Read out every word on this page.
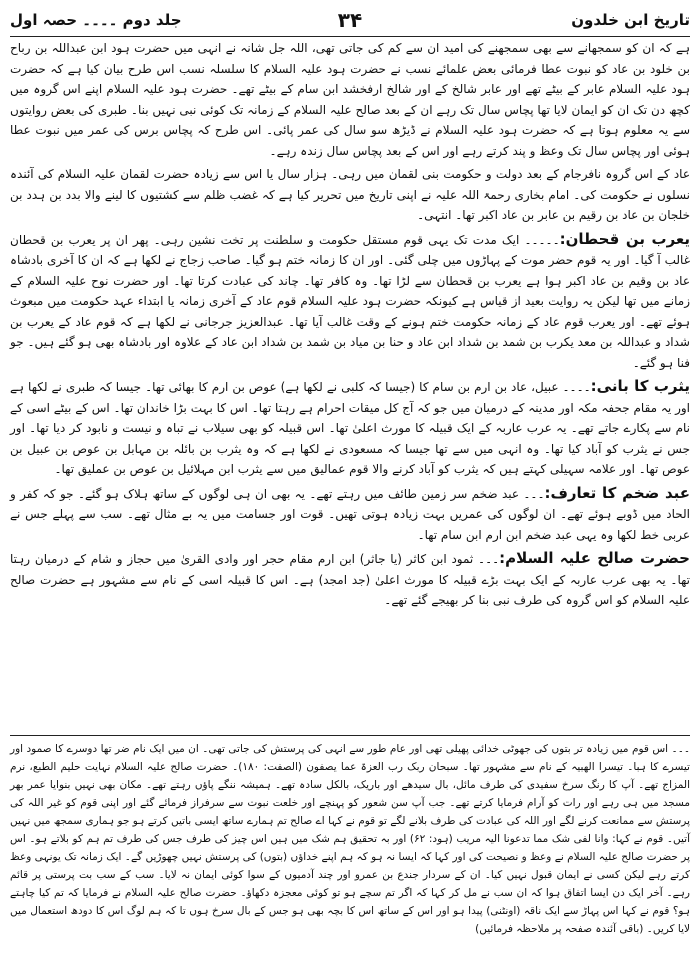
تاریخ ابن خلدون
۳۴
جلد دوم ۔۔۔۔ حصہ اول

ہے کہ ان کو سمجھانے سے بھی سمجھنے کی امید ان سے کم کی جاتی تھی، اللہ جل شانہ نے انہی میں حضرت ہود ابن عبداللہ بن رباح بن خلود بن عاد کو نبوت عطا فرمائی بعض علمائے نسب نے حضرت ہود علیہ السلام کا سلسلہ نسب اس طرح بیان کیا ہے کہ حضرت ہود علیہ السلام عابر کے بیٹے تھے اور عابر شالخ کے اور شالخ ارفخشد ابن سام کے بیٹے تھے۔ حضرت ہود علیہ السلام اپنے اس گروہ میں کچھ دن تک ان کو ایمان لایا تھا پچاس سال تک رہے ان کے بعد صالح علیہ السلام کے زمانہ تک کوئی نبی نہیں بنا۔ طبری کی بعض روایتوں سے یہ معلوم ہوتا ہے کہ حضرت ہود علیہ السلام نے ڈیڑھ سو سال کی عمر پائی۔ اس طرح کہ پچاس برس کی عمر میں نبوت عطا ہوئی اور پچاس سال تک وعظ و پند کرتے رہے اور اس کے بعد پچاس سال زندہ رہے۔

عاد کے اس گروہ نافرجام کے بعد دولت و حکومت بنی لقمان میں رہی۔ ہزار سال یا اس سے زیادہ حضرت لقمان علیہ السلام کی آئندہ نسلوں نے حکومت کی۔ امام بخاری رحمۃ اللہ علیہ نے اپنی تاریخ میں تحریر کیا ہے کہ غضب ظلم سے کشتیوں کا لینے والا بدد بن ہدد بن خلجان بن عاد بن رقیم بن عابر بن عاد اکبر تھا۔ انتہی۔

یعرب بن قحطان:۔۔۔۔۔ ایک مدت تک یہی قوم مستقل حکومت و سلطنت پر تخت نشین رہی۔ پھر ان پر یعرب بن قحطان غالب آ گیا۔ اور یہ قوم حضر موت کے پہاڑوں میں چلی گئی۔ اور ان کا زمانہ ختم ہو گیا۔ صاحب زجاج نے لکھا ہے کہ ان کا آخری بادشاہ عاد بن وقیم بن عاد اکبر ہوا ہے یعرب بن قحطان سے لڑا تھا۔ وہ کافر تھا۔ چاند کی عبادت کرتا تھا۔ اور حضرت نوح علیہ السلام کے زمانے میں تھا لیکن یہ روایت بعید از قیاس ہے کیونکہ حضرت ہود علیہ السلام قوم عاد کے آخری زمانہ یا ابتداء عہد حکومت میں مبعوث ہوئے تھے۔ اور یعرب قوم عاد کے زمانہ حکومت ختم ہونے کے وقت غالب آیا تھا۔ عبدالعزیز جرجانی نے لکھا ہے کہ قوم عاد کے یعرب بن شداد و عبداللہ بن معد یکرب بن شمد بن شداد ابن عاد و حنا بن میاد بن شمد بن شداد ابن عاد کے علاوہ اور بادشاہ بھی ہو گئے ہیں۔ جو فنا ہو گئے۔

یثرب کا بانی:۔۔۔۔ عبیل، عاد بن ارم بن سام کا (جیسا کہ کلبی نے لکھا ہے) عوص بن ارم کا بھائی تھا۔ جیسا کہ طبری نے لکھا ہے اور یہ مقام جحفہ مکہ اور مدینہ کے درمیان میں جو کہ آج کل میقات احرام ہے رہتا تھا۔ اس کا بہت بڑا خاندان تھا۔ اس کے بیٹے اسی کے نام سے پکارے جاتے تھے۔ یہ عرب عاربہ کے ایک قبیلہ کا مورث اعلیٰ تھا۔ اس قبیلہ کو بھی سیلاب نے تباہ و نیست و نابود کر دیا تھا۔ اور جس نے یثرب کو آباد کیا تھا۔ وہ انہی میں سے تھا جیسا کہ مسعودی نے لکھا ہے کہ وہ یثرب بن بائلہ بن مہابل بن عوص بن عبیل بن عوص تھا۔ اور علامہ سہیلی کہتے ہیں کہ یثرب کو آباد کرنے والا قوم عمالیق میں سے یثرب ابن مہلائیل بن عوص بن عملیق تھا۔

عبد ضخم کا تعارف:۔۔۔ عبد ضخم سر زمین طائف میں رہتے تھے۔ یہ بھی ان ہی لوگوں کے ساتھ ہلاک ہو گئے۔ جو کہ کفر و الحاد میں ڈوبے ہوئے تھے۔ ان لوگوں کی عمریں بہت زیادہ ہوتی تھیں۔ قوت اور جسامت میں یہ بے مثال تھے۔ سب سے پہلے جس نے عربی خط لکھا وہ یہی عبد ضخم ابن ارم ابن سام تھا۔

حضرت صالح علیہ السلام:۔۔۔ ثمود ابن کاثر (یا جاثر) ابن ارم مقام حجر اور وادی القریٰ میں حجاز و شام کے درمیان رہتا تھا۔ یہ بھی عرب عاربہ کے ایک بہت بڑے قبیلہ کا مورث اعلیٰ (جد امجد) ہے۔ اس کا قبیلہ اسی کے نام سے مشہور ہے حضرت صالح علیہ السلام کو اس گروہ کی طرف نبی بنا کر بھیجے گئے تھے۔

۔۔۔ اس قوم میں زیادہ تر بتوں کی جھوٹی خدائی پھیلی تھی اور عام طور سے انہی کی پرستش کی جاتی تھی۔ ان میں ایک نام ضر تھا دوسرے کا صمود اور تیسرے کا ہبا۔ تیسرا الھبیہ کے نام سے مشہور تھا۔ سبحان ربک رب العزۃ عما یصفون (الصفت: ۱۸۰)۔ حضرت صالح علیہ السلام نہایت حلیم الطبع، نرم المزاج تھے۔ آپ کا رنگ سرخ سفیدی کی طرف مائل، بال سیدھے اور باریک، بالکل سادہ تھے۔ ہمیشہ ننگے پاؤں رہتے تھے۔ مکان بھی نہیں بنوایا عمر بھر مسجد میں ہی رہے اور رات کو آرام فرمایا کرتے تھے۔ جب آپ سن شعور کو پہنچے اور خلعت نبوت سے سرفراز فرمائے گئے اور اپنی قوم کو غیر اللہ کی پرستش سے ممانعت کرنے لگے اور اللہ کی عبادت کی طرف بلانے لگے تو قوم نے کہا اے صالح تم ہمارے ساتھ ایسی باتیں کرتے ہو جو ہماری سمجھ میں نہیں آتیں۔ قوم نے کہا: وانا لفی شک مما تدعونا الیہ مریب (ہود: ۶۲) اور بہ تحقیق ہم شک میں ہیں اس چیز کی طرف جس کی طرف تم ہم کو بلاتے ہو۔ اس پر حضرت صالح علیہ السلام نے وعظ و نصیحت کی اور کہا کہ ایسا نہ ہو کہ ہم اپنے خداؤں (بتوں) کی پرستش نہیں چھوڑیں گے۔ ایک زمانہ تک یونہی وعظ کرتے رہے لیکن کسی نے ایمان قبول نہیں کیا۔ ان کے سردار جندع بن عمرو اور چند آدمیوں کے سوا کوئی ایمان نہ لایا۔ سب کے سب بت پرستی پر قائم رہے۔ آخر ایک دن ایسا اتفاق ہوا کہ ان سب نے مل کر کہا کہ اگر تم سچے ہو تو کوئی معجزہ دکھاؤ۔ حضرت صالح علیہ السلام نے فرمایا کہ تم کیا چاہتے ہو؟ قوم نے کہا اس پہاڑ سے ایک ناقہ (اونٹنی) پیدا ہو اور اس کے ساتھ اس کا بچہ بھی ہو جس کے بال سرخ ہوں تا کہ ہم لوگ اس کا دودھ استعمال میں لایا کریں۔ (باقی آئندہ صفحہ پر ملاحظہ فرمائیں)
